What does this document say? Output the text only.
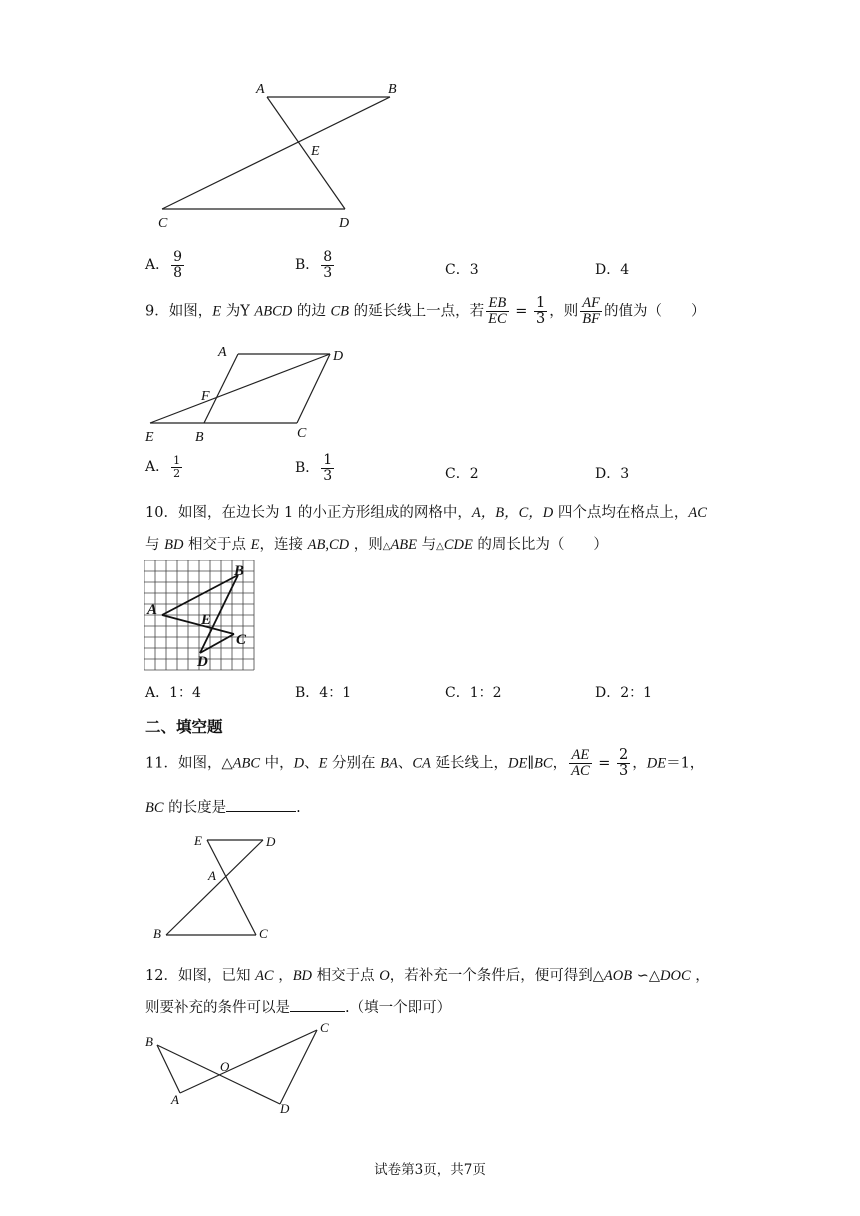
A	B
E
C	D
A． $\frac{9}{8}$	B． $\frac{8}{3}$	C．3	D．4
9．如图，E 为Y ABCD 的边 CB 的延长线上一点，若 $\frac{EB}{EC} = \frac{1}{3}$ ，则 $\frac{AF}{BF}$ 的值为（　　）
A	D
F
E	B	C
A． $\frac{1}{2}$	B． $\frac{1}{3}$	C．2	D．3
10．如图，在边长为 1 的小正方形组成的网格中，A，B，C，D 四个点均在格点上，AC
与 BD 相交于点 E，连接 AB,CD ，则△ABE 与△CDE 的周长比为（　　）
A
B
E
C
D
A．1：4	B．4：1	C．1：2	D．2：1
二、填空题
11．如图，△ABC 中，D、E 分别在 BA、CA 延长线上，DE∥BC， $\frac{AE}{AC} = \frac{2}{3}$ ，DE＝1，
BC 的长度是	.
E	D
A
B	C
12．如图，已知 AC ，BD 相交于点 O，若补充一个条件后，便可得到△AOB ∽△DOC ，
则要补充的条件可以是	.（填一个即可）
B
C
O
A
D
试卷第3页，共7页
